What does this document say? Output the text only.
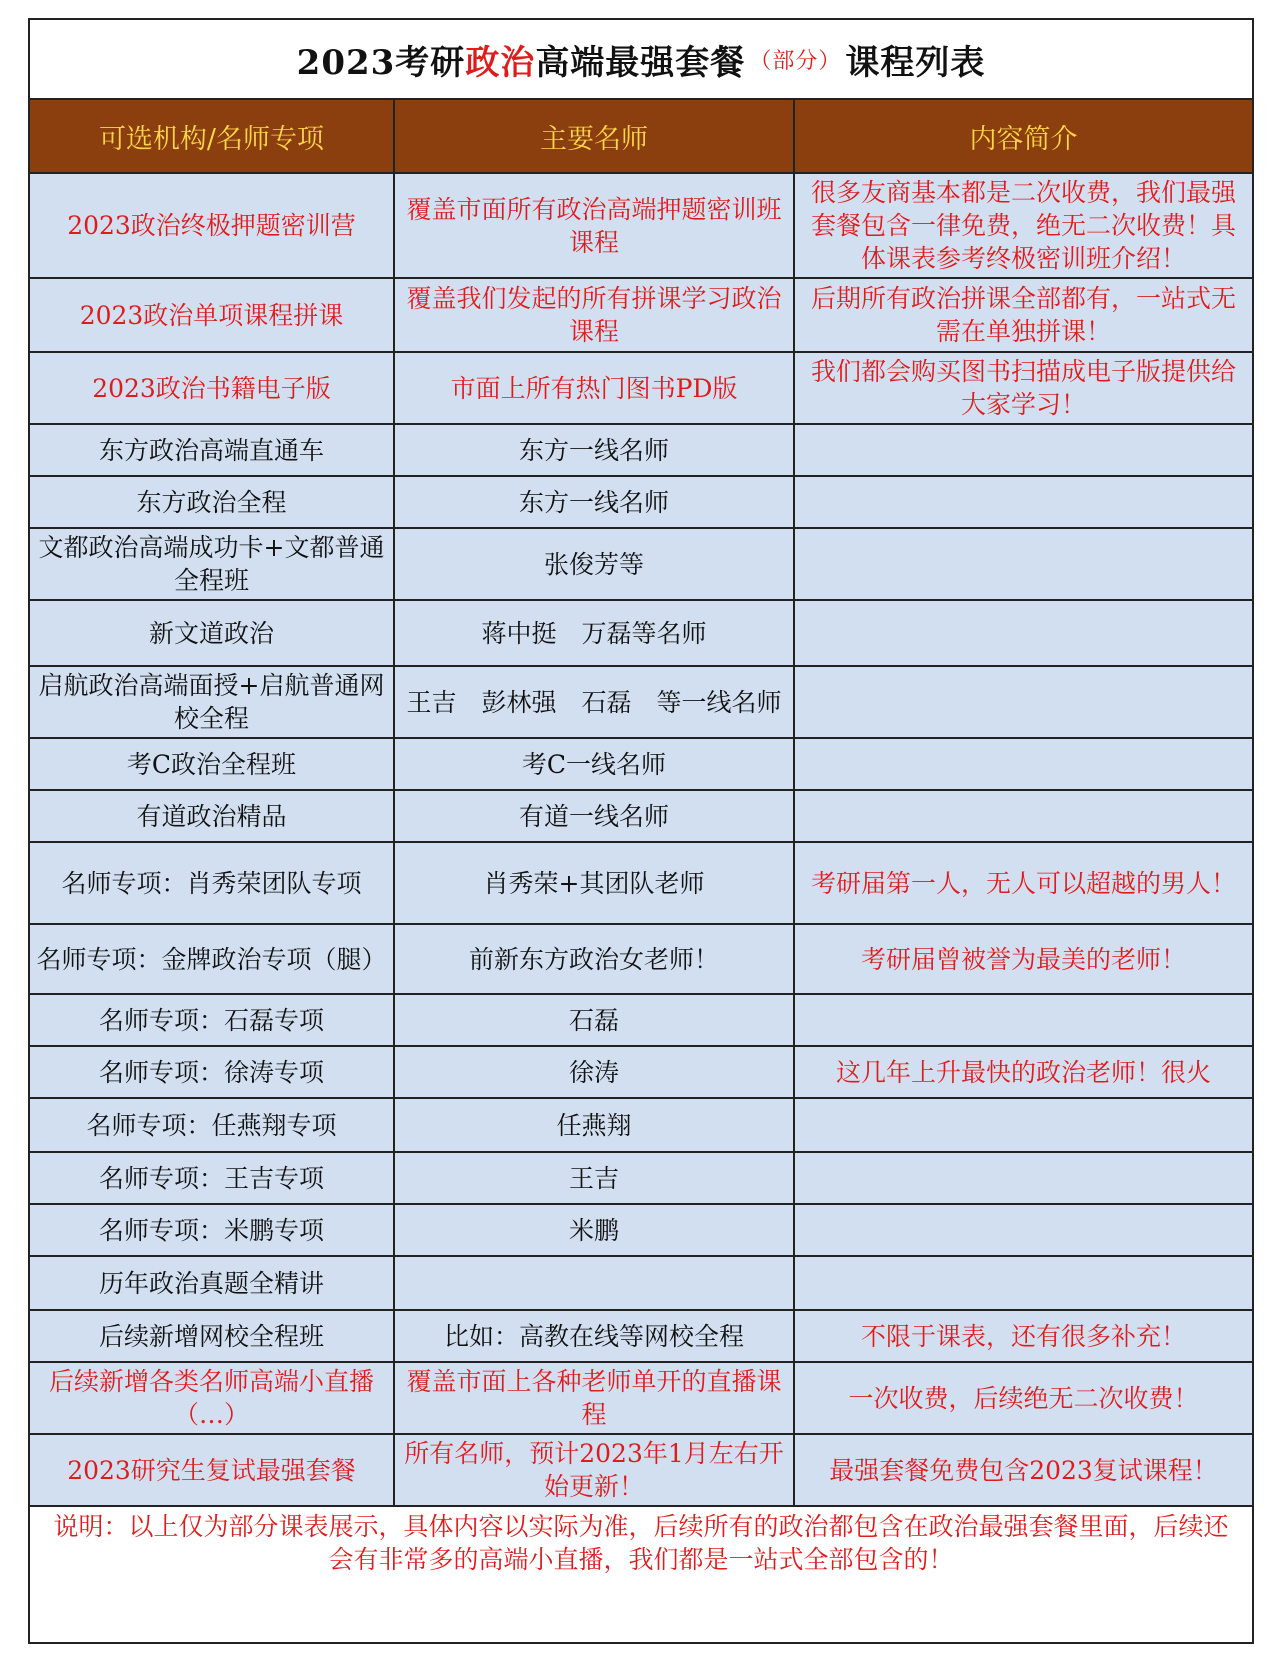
2023考研 政治 高端最强套餐 （部分） 课程列表
可选机构/名师专项	主要名师	内容简介
2023政治终极押题密训营	覆盖市面所有政治高端押题密训班课程	很多友商基本都是二次收费，我们最强套餐包含一律免费，绝无二次收费！具体课表参考终极密训班介绍！
2023政治单项课程拼课	覆盖我们发起的所有拼课学习政治课程	后期所有政治拼课全部都有，一站式无需在单独拼课！
2023政治书籍电子版	市面上所有热门图书PD版	我们都会购买图书扫描成电子版提供给大家学习！
东方政治高端直通车	东方一线名师	
东方政治全程	东方一线名师	
文都政治高端成功卡+文都普通全程班	张俊芳等	
新文道政治	蒋中挺　万磊等名师	
启航政治高端面授+启航普通网校全程	王吉　彭林强　石磊　等一线名师	
考C政治全程班	考C一线名师	
有道政治精品	有道一线名师	
名师专项：肖秀荣团队专项	肖秀荣+其团队老师	考研届第一人，无人可以超越的男人！
名师专项：金牌政治专项（腿）	前新东方政治女老师！	考研届曾被誉为最美的老师！
名师专项：石磊专项	石磊	
名师专项：徐涛专项	徐涛	这几年上升最快的政治老师！很火
名师专项：任燕翔专项	任燕翔	
名师专项：王吉专项	王吉	
名师专项：米鹏专项	米鹏	
历年政治真题全精讲		
后续新增网校全程班	比如：高教在线等网校全程	不限于课表，还有很多补充！
后续新增各类名师高端小直播（…）	覆盖市面上各种老师单开的直播课程	一次收费，后续绝无二次收费！
2023研究生复试最强套餐	所有名师，预计2023年1月左右开始更新！	最强套餐免费包含2023复试课程！
说明：以上仅为部分课表展示，具体内容以实际为准，后续所有的政治都包含在政治最强套餐里面，后续还会有非常多的高端小直播，我们都是一站式全部包含的！
